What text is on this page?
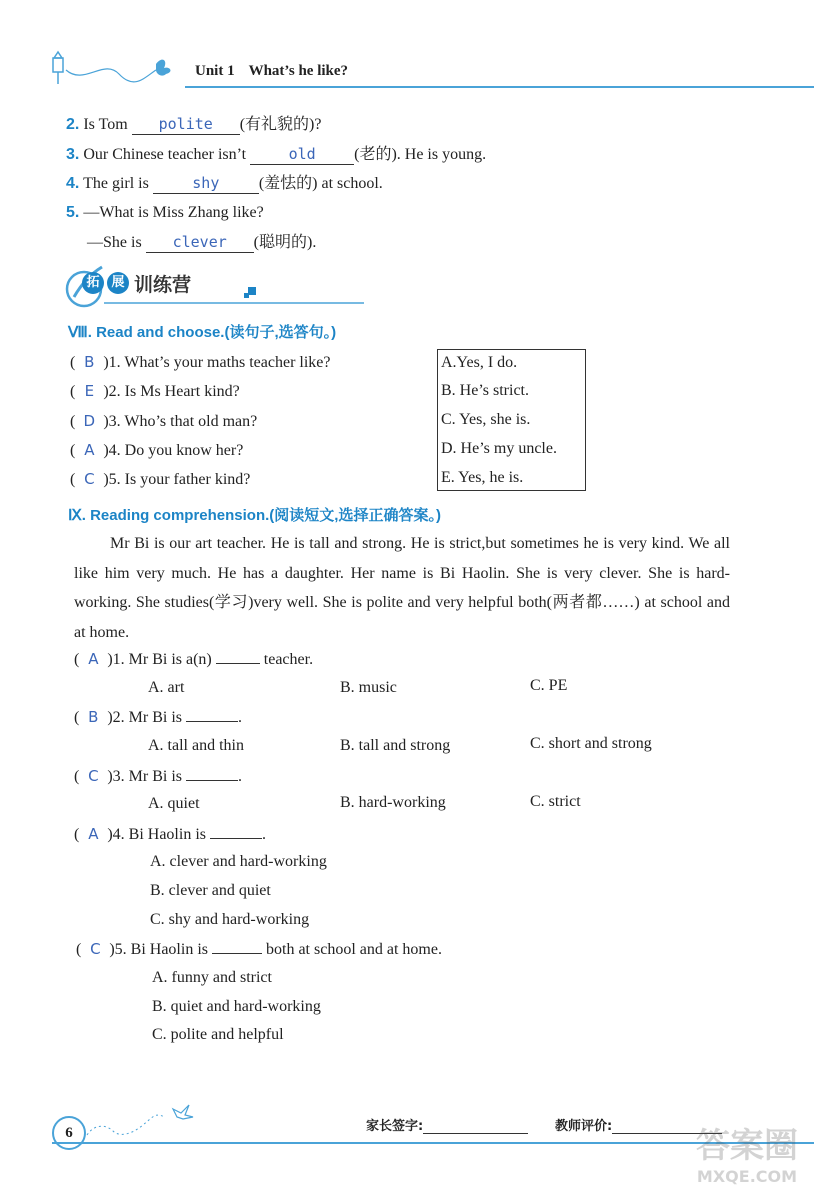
Unit 1 What’s he like?
2. Is Tom polite (有礼貌的)?
3. Our Chinese teacher isn’t	old (老的). He is young.
4. The girl is	shy (羞怯的) at school.
5. —What is Miss Zhang like?
—She is clever (聪明的).
拓 展 训练营
Ⅷ. Read and choose.(读句子,选答句。)
( B )1. What’s your maths teacher like?
( E )2. Is Ms Heart kind?
( D )3. Who’s that old man?
( A )4. Do you know her?
( C )5. Is your father kind?
A.Yes, I do.
B. He’s strict.
C. Yes, she is.
D. He’s my uncle.
E. Yes, he is.
Ⅸ. Reading comprehension.(阅读短文,选择正确答案。)
Mr Bi is our art teacher. He is tall and strong. He is strict,but sometimes he is very kind. We all like him very much. He has a daughter. Her name is Bi Haolin. She is very clever. She is hard-working. She studies(学习)very well. She is polite and very helpful both(两者都……) at school and at home.
( A )1. Mr Bi is a(n)	teacher.
A. art	B. music	C. PE
( B )2. Mr Bi is	.
A. tall and thin	B. tall and strong	C. short and strong
( C )3. Mr Bi is	.
A. quiet	B. hard-working	C. strict
( A )4. Bi Haolin is	.
A. clever and hard-working
B. clever and quiet
C. shy and hard-working
( C )5. Bi Haolin is	both at school and at home.
A. funny and strict
B. quiet and hard-working
C. polite and helpful
6	家长签字:	教师评价:	答案圈
MXQE.COM
